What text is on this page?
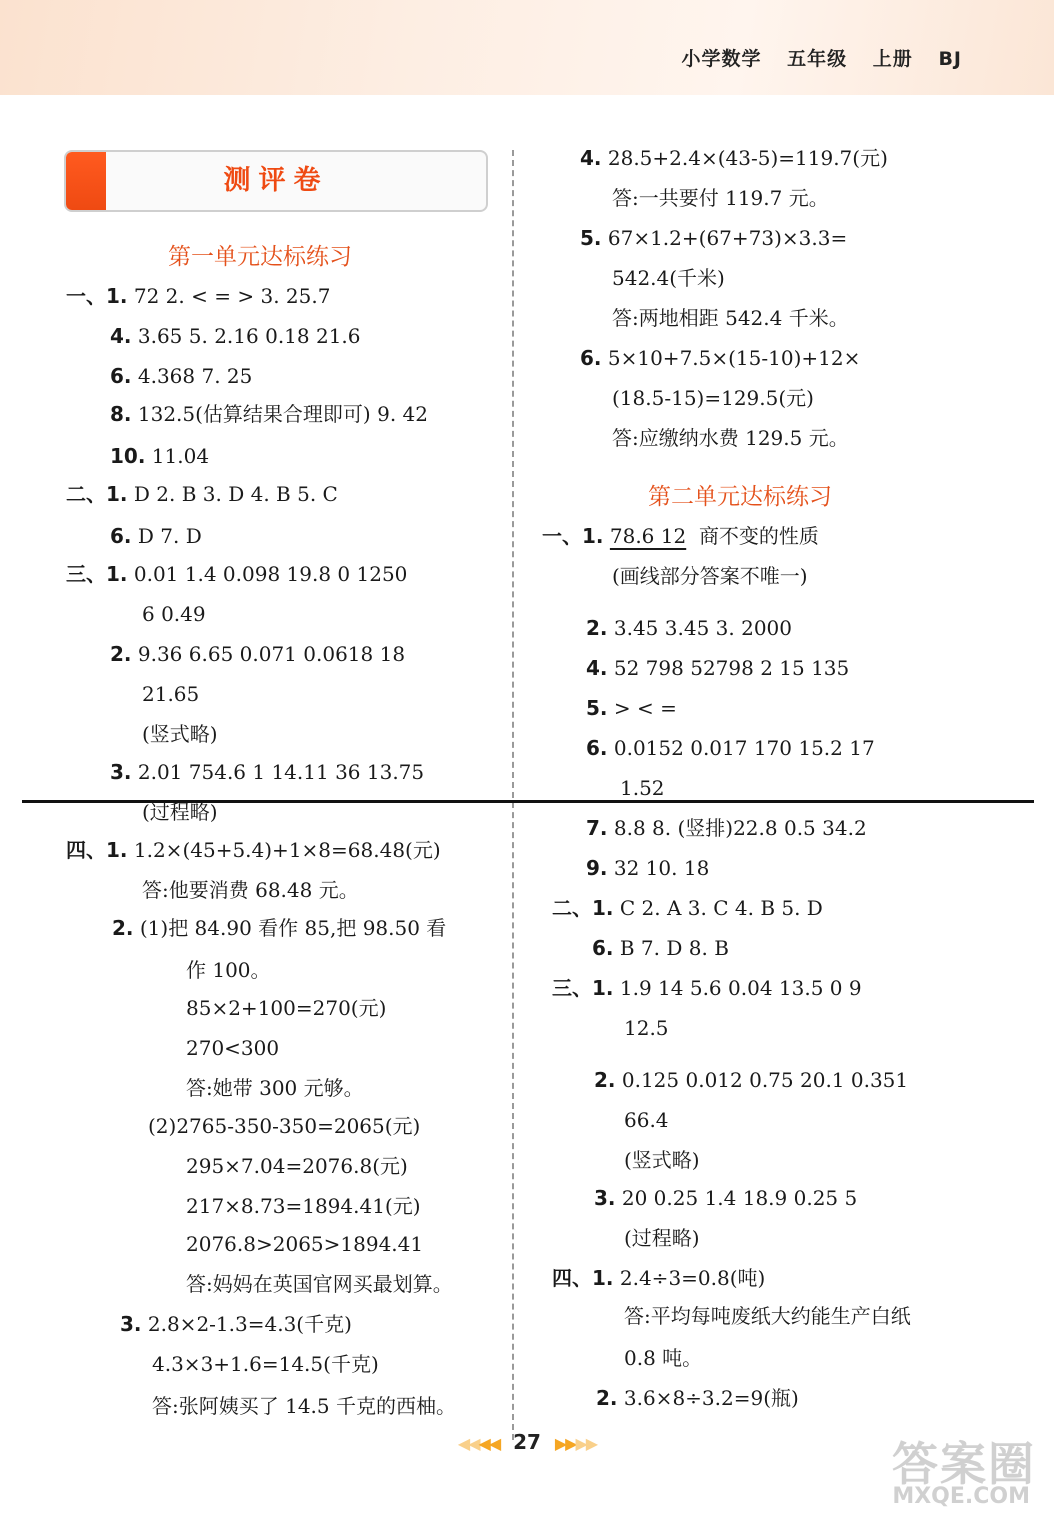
小学数学 五年级 上册 BJ
测评卷
第一单元达标练习
一、1. 72 2. < = > 3. 25.7
4. 3.65 5. 2.16 0.18 21.6
6. 4.368 7. 25
8. 132.5(估算结果合理即可) 9. 42
10. 11.04
二、1. D 2. B 3. D 4. B 5. C
6. D 7. D
三、1. 0.01 1.4 0.098 19.8 0 1250
6 0.49
2. 9.36 6.65 0.071 0.0618 18
21.65
(竖式略)
3. 2.01 754.6 1 14.11 36 13.75
(过程略)
四、1. 1.2×(45+5.4)+1×8=68.48(元)
答:他要消费 68.48 元。
2. (1)把 84.90 看作 85,把 98.50 看
作 100。
85×2+100=270(元)
270<300
答:她带 300 元够。
(2)2765-350-350=2065(元)
295×7.04=2076.8(元)
217×8.73=1894.41(元)
2076.8>2065>1894.41
答:妈妈在英国官网买最划算。
3. 2.8×2-1.3=4.3(千克)
4.3×3+1.6=14.5(千克)
答:张阿姨买了 14.5 千克的西柚。
4. 28.5+2.4×(43-5)=119.7(元)
答:一共要付 119.7 元。
5. 67×1.2+(67+73)×3.3=
542.4(千米)
答:两地相距 542.4 千米。
6. 5×10+7.5×(15-10)+12×
(18.5-15)=129.5(元)
答:应缴纳水费 129.5 元。
第二单元达标练习
一、1. 78.6 12 商不变的性质
(画线部分答案不唯一)
2. 3.45 3.45 3. 2000
4. 52 798 52798 2 15 135
5. > < =
6. 0.0152 0.017 170 15.2 17
1.52
7. 8.8 8. (竖排)22.8 0.5 34.2
9. 32 10. 18
二、1. C 2. A 3. C 4. B 5. D
6. B 7. D 8. B
三、1. 1.9 14 5.6 0.04 13.5 0 9
12.5
2. 0.125 0.012 0.75 20.1 0.351
66.4
(竖式略)
3. 20 0.25 1.4 18.9 0.25 5
(过程略)
四、1. 2.4÷3=0.8(吨)
答:平均每吨废纸大约能生产白纸
0.8 吨。
2. 3.6×8÷3.2=9(瓶)
◀◀◀◀ 27 ▶▶▶▶	答案圈
MXQE.COM
